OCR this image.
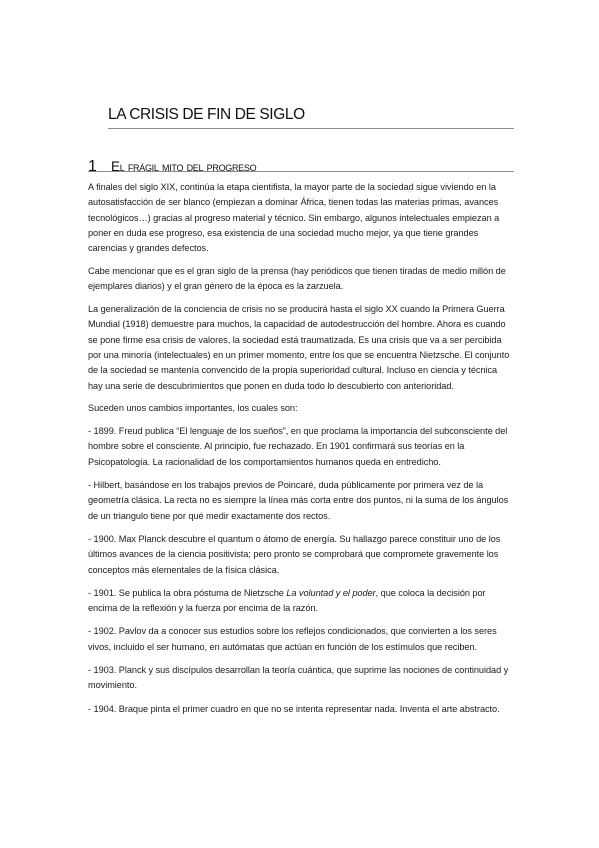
LA CRISIS DE FIN DE SIGLO
1 El frágil mito del progreso

A finales del siglo XIX, continúa la etapa cientifista, la mayor parte de la sociedad sigue viviendo en la autosatisfacción de ser blanco (empiezan a dominar África, tienen todas las materias primas, avances tecnológicos…) gracias al progreso material y técnico. Sin embargo, algunos intelectuales empiezan a poner en duda ese progreso, esa existencia de una sociedad mucho mejor, ya que tiene grandes carencias y grandes defectos.

Cabe mencionar que es el gran siglo de la prensa (hay periódicos que tienen tiradas de medio millón de ejemplares diarios) y el gran género de la época es la zarzuela.

La generalización de la conciencia de crisis no se producirá hasta el siglo XX cuando la Primera Guerra Mundial (1918) demuestre para muchos, la capacidad de autodestrucción del hombre. Ahora es cuando se pone firme esa crisis de valores, la sociedad está traumatizada. Es una crisis que va a ser percibida por una minoría (intelectuales) en un primer momento, entre los que se encuentra Nietzsche. El conjunto de la sociedad se mantenía convencido de la propia superioridad cultural. Incluso en ciencia y técnica hay una serie de descubrimientos que ponen en duda todo lo descubierto con anterioridad.

Suceden unos cambios importantes, los cuales son:

- 1899. Freud publica “El lenguaje de los sueños”, en que proclama la importancia del subconsciente del hombre sobre el consciente. Al principio, fue rechazado. En 1901 confirmará sus teorías en la Psicopatología. La racionalidad de los comportamientos humanos queda en entredicho.

- Hilbert, basándose en los trabajos previos de Poincaré, duda públicamente por primera vez de la geometría clásica. La recta no es siempre la línea más corta entre dos puntos, ni la suma de los ángulos de un triangulo tiene por qué medir exactamente dos rectos.

- 1900. Max Planck descubre el quantum o átomo de energía. Su hallazgo parece constituir uno de los últimos avances de la ciencia positivista; pero pronto se comprobará que compromete gravemente los conceptos más elementales de la física clásica.

- 1901. Se publica la obra póstuma de Nietzsche La voluntad y el poder, que coloca la decisión por encima de la reflexión y la fuerza por encima de la razón.

- 1902. Pavlov da a conocer sus estudios sobre los reflejos condicionados, que convierten a los seres vivos, incluido el ser humano, en autómatas que actúan en función de los estímulos que reciben.

- 1903. Planck y sus discípulos desarrollan la teoría cuántica, que suprime las nociones de continuidad y movimiento.

- 1904. Braque pinta el primer cuadro en que no se intenta representar nada. Inventa el arte abstracto.
